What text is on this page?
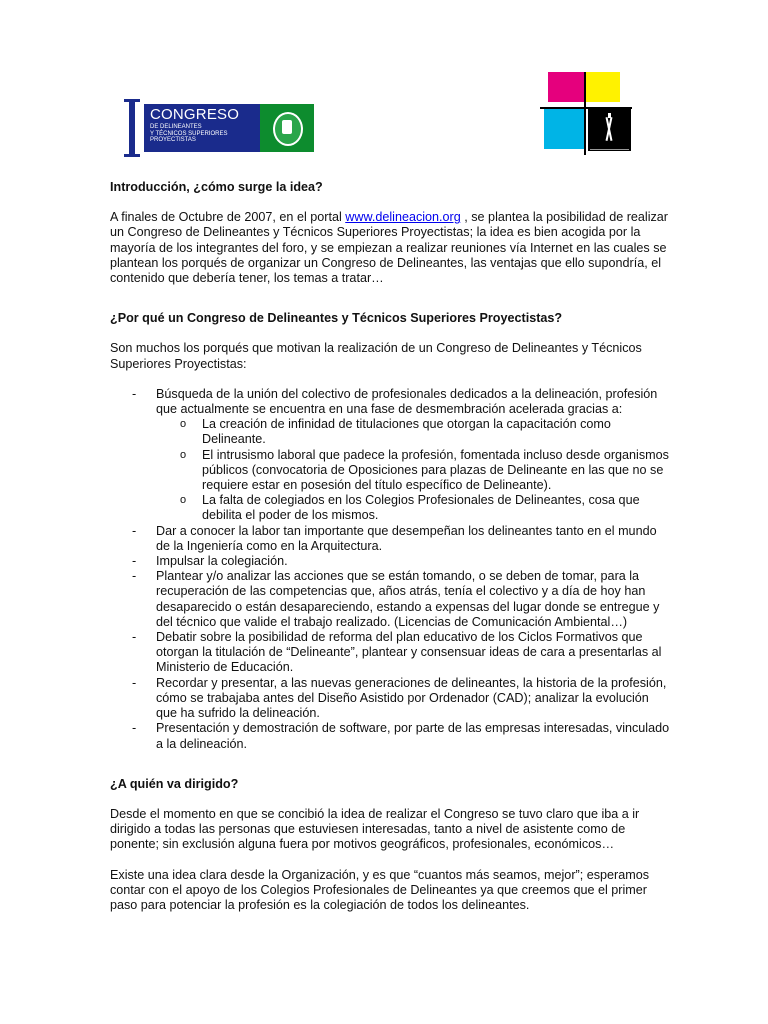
CONGRESO
DE DELINEANTES
Y TÉCNICOS SUPERIORES
PROYECTISTAS
Introducción, ¿cómo surge la idea?

A finales de Octubre de 2007, en el portal www.delineacion.org , se plantea la posibilidad de realizar un Congreso de Delineantes y Técnicos Superiores Proyectistas; la idea es bien acogida por la mayoría de los integrantes del foro, y se empiezan a realizar reuniones vía Internet en las cuales se plantean los porqués de organizar un Congreso de Delineantes, las ventajas que ello supondría, el contenido que debería tener, los temas a tratar…

¿Por qué un Congreso de Delineantes y Técnicos Superiores Proyectistas?

Son muchos los porqués que motivan la realización de un Congreso de Delineantes y Técnicos Superiores Proyectistas:

- Búsqueda de la unión del colectivo de profesionales dedicados a la delineación, profesión que actualmente se encuentra en una fase de desmembración acelerada gracias a:
o La creación de infinidad de titulaciones que otorgan la capacitación como Delineante.
o El intrusismo laboral que padece la profesión, fomentada incluso desde organismos públicos (convocatoria de Oposiciones para plazas de Delineante en las que no se requiere estar en posesión del título específico de Delineante).
o La falta de colegiados en los Colegios Profesionales de Delineantes, cosa que debilita el poder de los mismos.
- Dar a conocer la labor tan importante que desempeñan los delineantes tanto en el mundo de la Ingeniería como en la Arquitectura.
- Impulsar la colegiación.
- Plantear y/o analizar las acciones que se están tomando, o se deben de tomar, para la recuperación de las competencias que, años atrás, tenía el colectivo y a día de hoy han desaparecido o están desapareciendo, estando a expensas del lugar donde se entregue y del técnico que valide el trabajo realizado. (Licencias de Comunicación Ambiental…)
- Debatir sobre la posibilidad de reforma del plan educativo de los Ciclos Formativos que otorgan la titulación de “Delineante”, plantear y consensuar ideas de cara a presentarlas al Ministerio de Educación.
- Recordar y presentar, a las nuevas generaciones de delineantes, la historia de la profesión, cómo se trabajaba antes del Diseño Asistido por Ordenador (CAD); analizar la evolución que ha sufrido la delineación.
- Presentación y demostración de software, por parte de las empresas interesadas, vinculado a la delineación.
¿A quién va dirigido?

Desde el momento en que se concibió la idea de realizar el Congreso se tuvo claro que iba a ir dirigido a todas las personas que estuviesen interesadas, tanto a nivel de asistente como de ponente; sin exclusión alguna fuera por motivos geográficos, profesionales, económicos…

Existe una idea clara desde la Organización, y es que “cuantos más seamos, mejor”; esperamos contar con el apoyo de los Colegios Profesionales de Delineantes ya que creemos que el primer paso para potenciar la profesión es la colegiación de todos los delineantes.
